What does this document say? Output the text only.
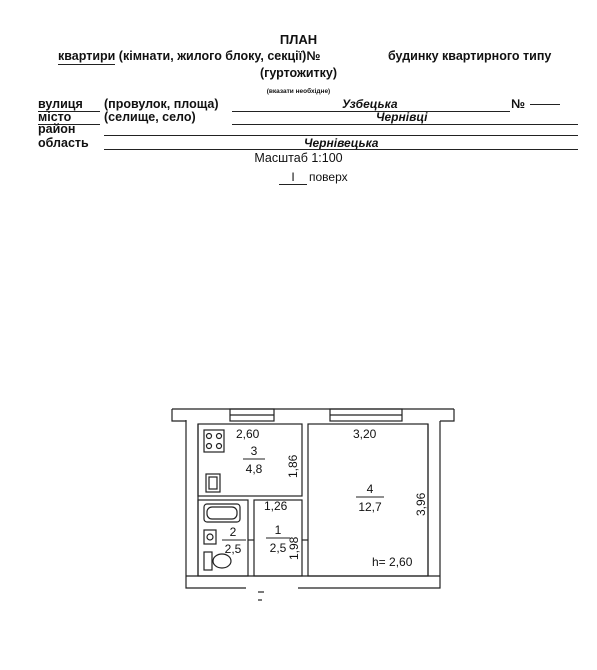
ПЛАН
квартири (кімнати, жилого блоку, секції)№	будинку квартирного типу
(гуртожитку)
(вказати необхідне)
вулиця (провулок, площа)	Узбецька	№
місто	(селище, село)	Чернівці
район
область	Чернівецька
Масштаб 1:100
I	поверх
2,60
1,86
3
4,8
3,20
3,96
4
12,7
h= 2,60
1,26
1,98
1
2,5
2
2,5
